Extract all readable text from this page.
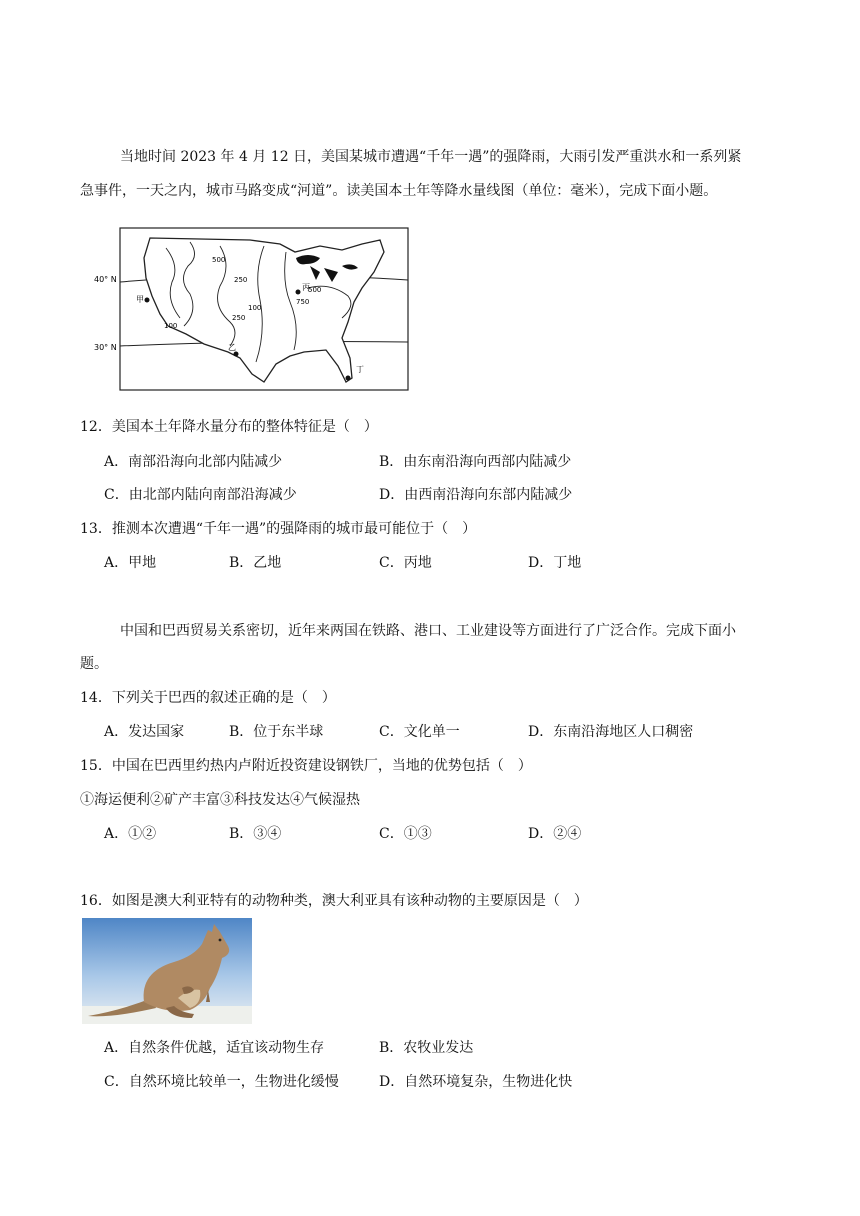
当地时间 2023 年 4 月 12 日，美国某城市遭遇“千年一遇”的强降雨，大雨引发严重洪水和一系列紧
急事件，一天之内，城市马路变成“河道”。读美国本土年等降水量线图（单位：毫米），完成下面小题。
40° N
30° N
500
250
250
100
750
500
100
甲
乙
丙
丁
12．美国本土年降水量分布的整体特征是（　）
A．南部沿海向北部内陆减少	B．由东南沿海向西部内陆减少
C．由北部内陆向南部沿海减少	D．由西南沿海向东部内陆减少
13．推测本次遭遇“千年一遇”的强降雨的城市最可能位于（　）
A．甲地	B．乙地	C．丙地	D．丁地
中国和巴西贸易关系密切，近年来两国在铁路、港口、工业建设等方面进行了广泛合作。完成下面小
题。
14．下列关于巴西的叙述正确的是（　）
A．发达国家	B．位于东半球	C．文化单一	D．东南沿海地区人口稠密
15．中国在巴西里约热内卢附近投资建设钢铁厂，当地的优势包括（　）
①海运便利②矿产丰富③科技发达④气候湿热
A．①②	B．③④	C．①③	D．②④
16．如图是澳大利亚特有的动物种类，澳大利亚具有该种动物的主要原因是（　）
A．自然条件优越，适宜该动物生存	B．农牧业发达
C．自然环境比较单一，生物进化缓慢	D．自然环境复杂，生物进化快
